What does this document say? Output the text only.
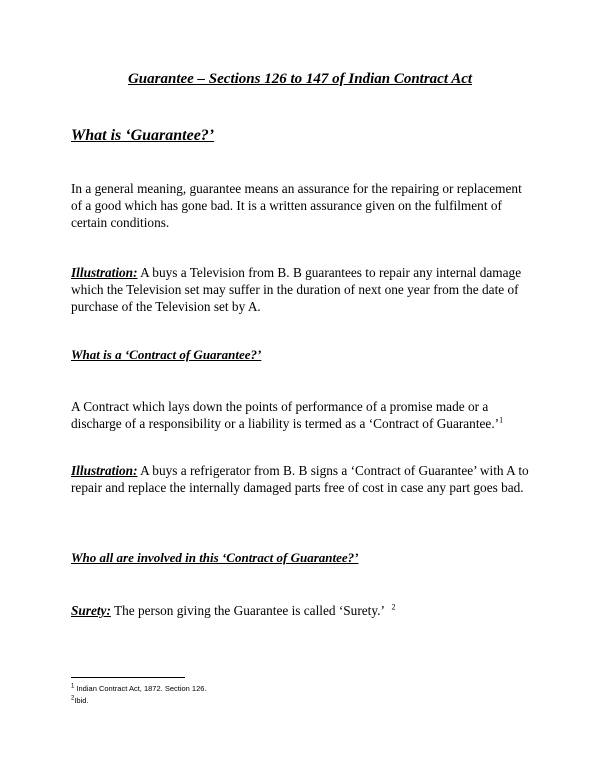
Guarantee – Sections 126 to 147 of Indian Contract Act
What is ‘Guarantee?’
In a general meaning, guarantee means an assurance for the repairing or replacement of a good which has gone bad. It is a written assurance given on the fulfilment of certain conditions.
Illustration: A buys a Television from B. B guarantees to repair any internal damage which the Television set may suffer in the duration of next one year from the date of purchase of the Television set by A.
What is a ‘Contract of Guarantee?’
A Contract which lays down the points of performance of a promise made or a discharge of a responsibility or a liability is termed as a ‘Contract of Guarantee.’$^1$
Illustration: A buys a refrigerator from B. B signs a ‘Contract of Guarantee’ with A to repair and replace the internally damaged parts free of cost in case any part goes bad.
Who all are involved in this ‘Contract of Guarantee?’
Surety: The person giving the Guarantee is called ‘Surety.’ $^2$
$^1$ Indian Contract Act, 1872. Section 126.
$^2$Ibid.
